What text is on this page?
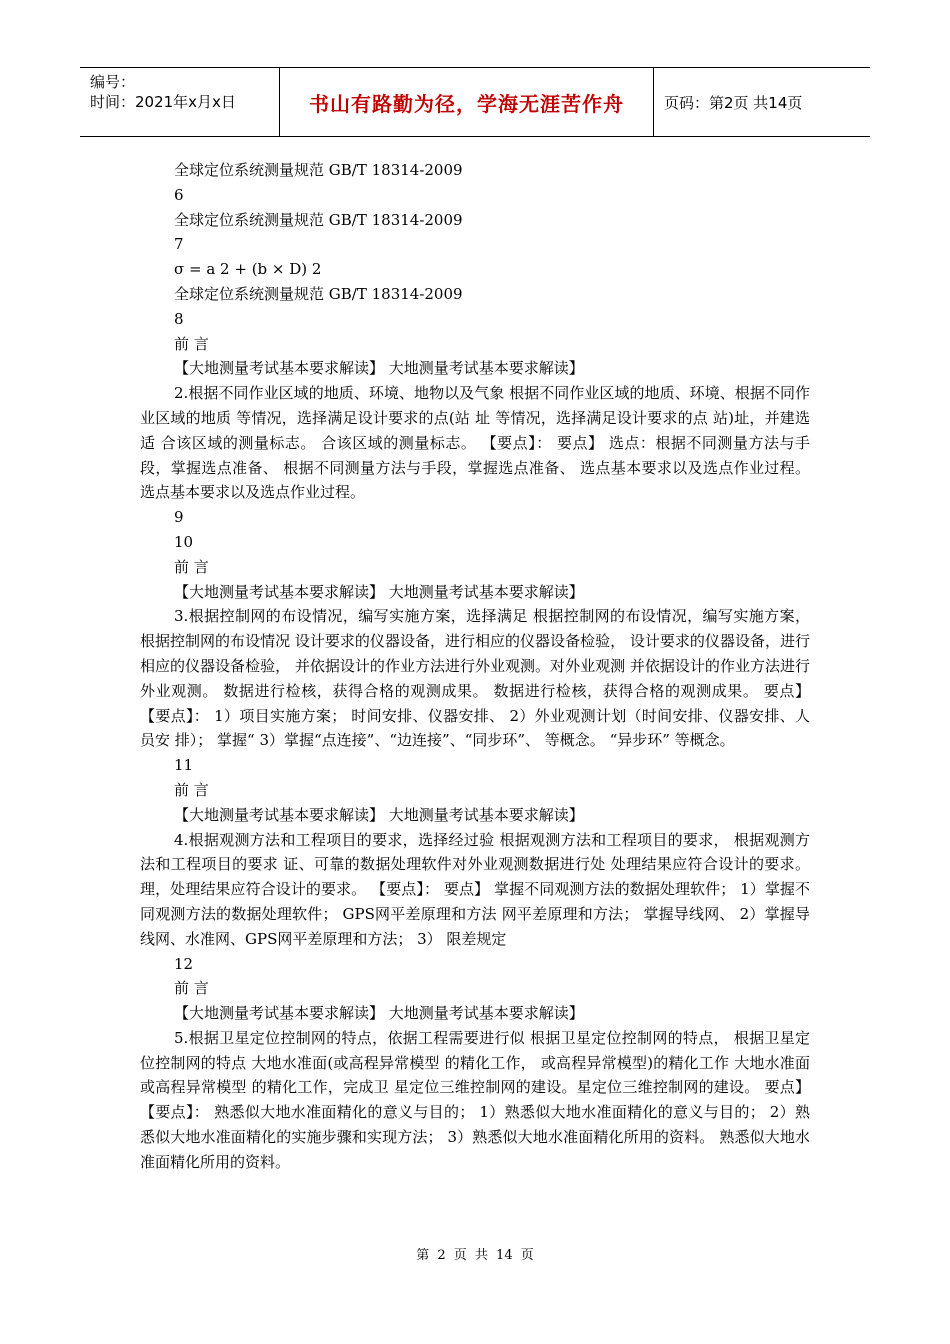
编号：
时间：2021年x月x日	书山有路勤为径，学海无涯苦作舟	页码：第2页 共14页

全球定位系统测量规范 GB/T 18314-2009

6

全球定位系统测量规范 GB/T 18314-2009

7

σ = a 2 + (b × D) 2

全球定位系统测量规范 GB/T 18314-2009

8

前 言

【大地测量考试基本要求解读】 大地测量考试基本要求解读】

2.根据不同作业区域的地质、环境、地物以及气象 根据不同作业区域的地质、环境、根据不同作业区域的地质 等情况，选择满足设计要求的点(站 址 等情况，选择满足设计要求的点 站)址，并建选适 合该区域的测量标志。 合该区域的测量标志。 【要点】： 要点】 选点：根据不同测量方法与手段，掌握选点准备、 根据不同测量方法与手段，掌握选点准备、 选点基本要求以及选点作业过程。 选点基本要求以及选点作业过程。

9

10

前 言

【大地测量考试基本要求解读】 大地测量考试基本要求解读】

3.根据控制网的布设情况，编写实施方案，选择满足 根据控制网的布设情况，编写实施方案， 根据控制网的布设情况 设计要求的仪器设备，进行相应的仪器设备检验， 设计要求的仪器设备，进行相应的仪器设备检验， 并依据设计的作业方法进行外业观测。对外业观测 并依据设计的作业方法进行外业观测。 数据进行检核，获得合格的观测成果。 数据进行检核，获得合格的观测成果。 要点】 【要点】： 1）项目实施方案； 时间安排、仪器安排、 2）外业观测计划（时间安排、仪器安排、人员安 排）； 掌握“ 3）掌握“点连接”、“边连接”、“同步环”、 等概念。 “异步环” 等概念。

11

前 言

【大地测量考试基本要求解读】 大地测量考试基本要求解读】

4.根据观测方法和工程项目的要求，选择经过验 根据观测方法和工程项目的要求， 根据观测方法和工程项目的要求 证、可靠的数据处理软件对外业观测数据进行处 处理结果应符合设计的要求。 理，处理结果应符合设计的要求。 【要点】： 要点】 掌握不同观测方法的数据处理软件； 1）掌握不同观测方法的数据处理软件； GPS网平差原理和方法 网平差原理和方法； 掌握导线网、 2）掌握导线网、水准网、GPS网平差原理和方法； 3） 限差规定

12

前 言

【大地测量考试基本要求解读】 大地测量考试基本要求解读】

5.根据卫星定位控制网的特点，依据工程需要进行似 根据卫星定位控制网的特点， 根据卫星定位控制网的特点 大地水准面(或高程异常模型 的精化工作， 或高程异常模型)的精化工作 大地水准面 或高程异常模型 的精化工作，完成卫 星定位三维控制网的建设。星定位三维控制网的建设。 要点】 【要点】： 熟悉似大地水准面精化的意义与目的； 1）熟悉似大地水准面精化的意义与目的； 2）熟悉似大地水准面精化的实施步骤和实现方法； 3）熟悉似大地水准面精化所用的资料。 熟悉似大地水准面精化所用的资料。

第 2 页 共 14 页
